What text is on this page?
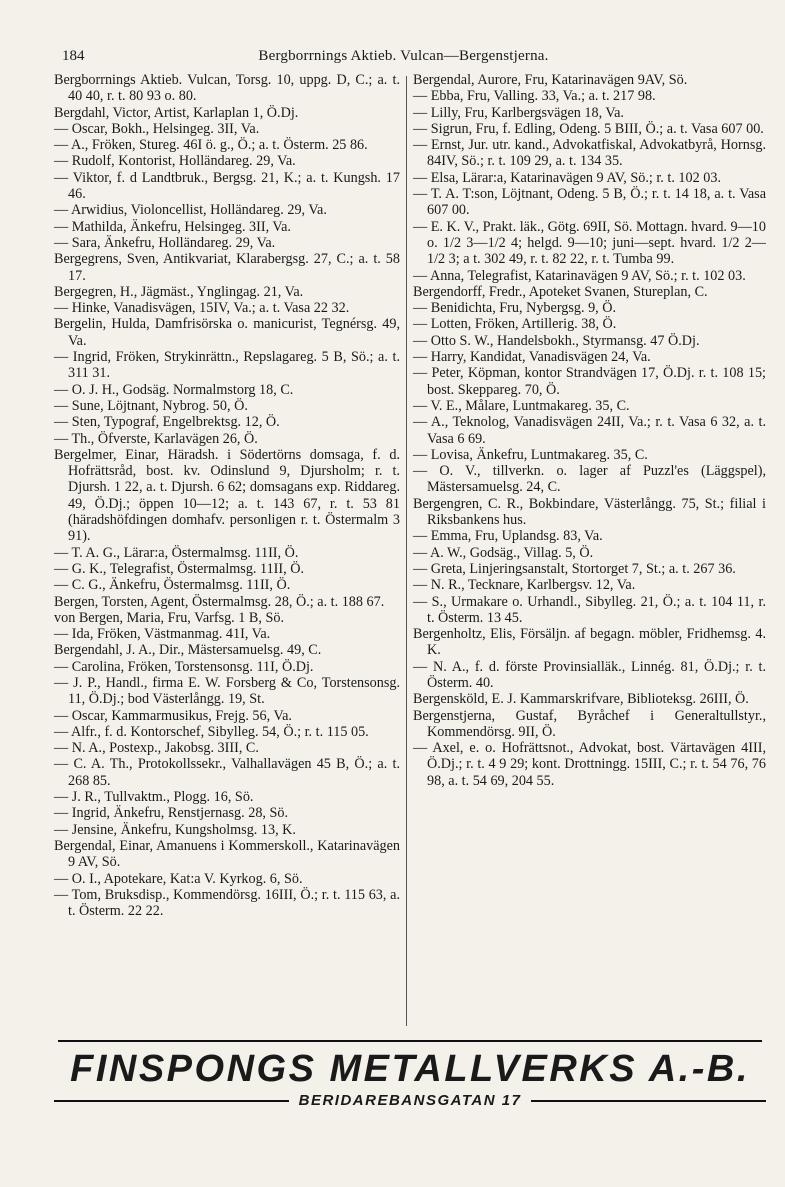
184	Bergborrnings Aktieb. Vulcan—Bergenstjerna.
Bergborrnings Aktieb. Vulcan, Torsg. 10, uppg. D, C.; a. t. 40 40, r. t. 80 93 o. 80.
Bergdahl, Victor, Artist, Karlaplan 1, Ö.Dj.
— Oscar, Bokh., Helsingeg. 3II, Va.
— A., Fröken, Stureg. 46I ö. g., Ö.; a. t. Österm. 25 86.
— Rudolf, Kontorist, Holländareg. 29, Va.
— Viktor, f. d Landtbruk., Bergsg. 21, K.; a. t. Kungsh. 17 46.
— Arwidius, Violoncellist, Holländareg. 29, Va.
— Mathilda, Änkefru, Helsingeg. 3II, Va.
— Sara, Änkefru, Holländareg. 29, Va.
Bergegrens, Sven, Antikvariat, Klarabergsg. 27, C.; a. t. 58 17.
Bergegren, H., Jägmäst., Ynglingag. 21, Va.
— Hinke, Vanadisvägen, 15IV, Va.; a. t. Vasa 22 32.
Bergelin, Hulda, Damfrisörska o. manicurist, Tegnérsg. 49, Va.
— Ingrid, Fröken, Strykinrättn., Repslagareg. 5 B, Sö.; a. t. 311 31.
— O. J. H., Godsäg. Normalmstorg 18, C.
— Sune, Löjtnant, Nybrog. 50, Ö.
— Sten, Typograf, Engelbrektsg. 12, Ö.
— Th., Öfverste, Karlavägen 26, Ö.
Bergelmer, Einar, Häradsh. i Södertörns domsaga, f. d. Hofrättsråd, bost. kv. Odinslund 9, Djursholm; r. t. Djursh. 1 22, a. t. Djursh. 6 62; domsagans exp. Riddareg. 49, Ö.Dj.; öppen 10—12; a. t. 143 67, r. t. 53 81 (häradshöfdingen domhafv. personligen r. t. Östermalm 3 91).
— T. A. G., Lärar:a, Östermalmsg. 11II, Ö.
— G. K., Telegrafist, Östermalmsg. 11II, Ö.
— C. G., Änkefru, Östermalmsg. 11II, Ö.
Bergen, Torsten, Agent, Östermalmsg. 28, Ö.; a. t. 188 67.
von Bergen, Maria, Fru, Varfsg. 1 B, Sö.
— Ida, Fröken, Västmanmag. 41I, Va.
Bergendahl, J. A., Dir., Mästersamuelsg. 49, C.
— Carolina, Fröken, Torstensonsg. 11I, Ö.Dj.
— J. P., Handl., firma E. W. Forsberg & Co, Torstensonsg. 11, Ö.Dj.; bod Västerlångg. 19, St.
— Oscar, Kammarmusikus, Frejg. 56, Va.
— Alfr., f. d. Kontorschef, Sibylleg. 54, Ö.; r. t. 115 05.
— N. A., Postexp., Jakobsg. 3III, C.
— C. A. Th., Protokollssekr., Valhallavägen 45 B, Ö.; a. t. 268 85.
— J. R., Tullvaktm., Plogg. 16, Sö.
— Ingrid, Änkefru, Renstjernasg. 28, Sö.
— Jensine, Änkefru, Kungsholmsg. 13, K.
Bergendal, Einar, Amanuens i Kommerskoll., Katarinavägen 9 AV, Sö.
— O. I., Apotekare, Kat:a V. Kyrkog. 6, Sö.
— Tom, Bruksdisp., Kommendörsg. 16III, Ö.; r. t. 115 63, a. t. Österm. 22 22.
Bergendal, Aurore, Fru, Katarinavägen 9AV, Sö.
— Ebba, Fru, Valling. 33, Va.; a. t. 217 98.
— Lilly, Fru, Karlbergsvägen 18, Va.
— Sigrun, Fru, f. Edling, Odeng. 5 BIII, Ö.; a. t. Vasa 607 00.
— Ernst, Jur. utr. kand., Advokatfiskal, Advokatbyrå, Hornsg. 84IV, Sö.; r. t. 109 29, a. t. 134 35.
— Elsa, Lärar:a, Katarinavägen 9 AV, Sö.; r. t. 102 03.
— T. A. T:son, Löjtnant, Odeng. 5 B, Ö.; r. t. 14 18, a. t. Vasa 607 00.
— E. K. V., Prakt. läk., Götg. 69II, Sö. Mottagn. hvard. 9—10 o. 1/2 3—1/2 4; helgd. 9—10; juni—sept. hvard. 1/2 2—1/2 3; a t. 302 49, r. t. 82 22, r. t. Tumba 99.
— Anna, Telegrafist, Katarinavägen 9 AV, Sö.; r. t. 102 03.
Bergendorff, Fredr., Apoteket Svanen, Stureplan, C.
— Benidichta, Fru, Nybergsg. 9, Ö.
— Lotten, Fröken, Artillerig. 38, Ö.
— Otto S. W., Handelsbokh., Styrmansg. 47 Ö.Dj.
— Harry, Kandidat, Vanadisvägen 24, Va.
— Peter, Köpman, kontor Strandvägen 17, Ö.Dj. r. t. 108 15; bost. Skeppareg. 70, Ö.
— V. E., Målare, Luntmakareg. 35, C.
— A., Teknolog, Vanadisvägen 24II, Va.; r. t. Vasa 6 32, a. t. Vasa 6 69.
— Lovisa, Änkefru, Luntmakareg. 35, C.
— O. V., tillverkn. o. lager af Puzzl'es (Läggspel), Mästersamuelsg. 24, C.
Bergengren, C. R., Bokbindare, Västerlångg. 75, St.; filial i Riksbankens hus.
— Emma, Fru, Uplandsg. 83, Va.
— A. W., Godsäg., Villag. 5, Ö.
— Greta, Linjeringsanstalt, Stortorget 7, St.; a. t. 267 36.
— N. R., Tecknare, Karlbergsv. 12, Va.
— S., Urmakare o. Urhandl., Sibylleg. 21, Ö.; a. t. 104 11, r. t. Österm. 13 45.
Bergenholtz, Elis, Försäljn. af begagn. möbler, Fridhemsg. 4. K.
— N. A., f. d. förste Provinsialläk., Linnég. 81, Ö.Dj.; r. t. Österm. 40.
Bergensköld, E. J. Kammarskrifvare, Biblioteksg. 26III, Ö.
Bergenstjerna, Gustaf, Byråchef i Generaltullstyr., Kommendörsg. 9II, Ö.
— Axel, e. o. Hofrättsnot., Advokat, bost. Värtavägen 4III, Ö.Dj.; r. t. 4 9 29; kont. Drottningg. 15III, C.; r. t. 54 76, 76 98, a. t. 54 69, 204 55.
FINSPONGS METALLVERKS A.-B.
BERIDAREBANSGATAN 17
